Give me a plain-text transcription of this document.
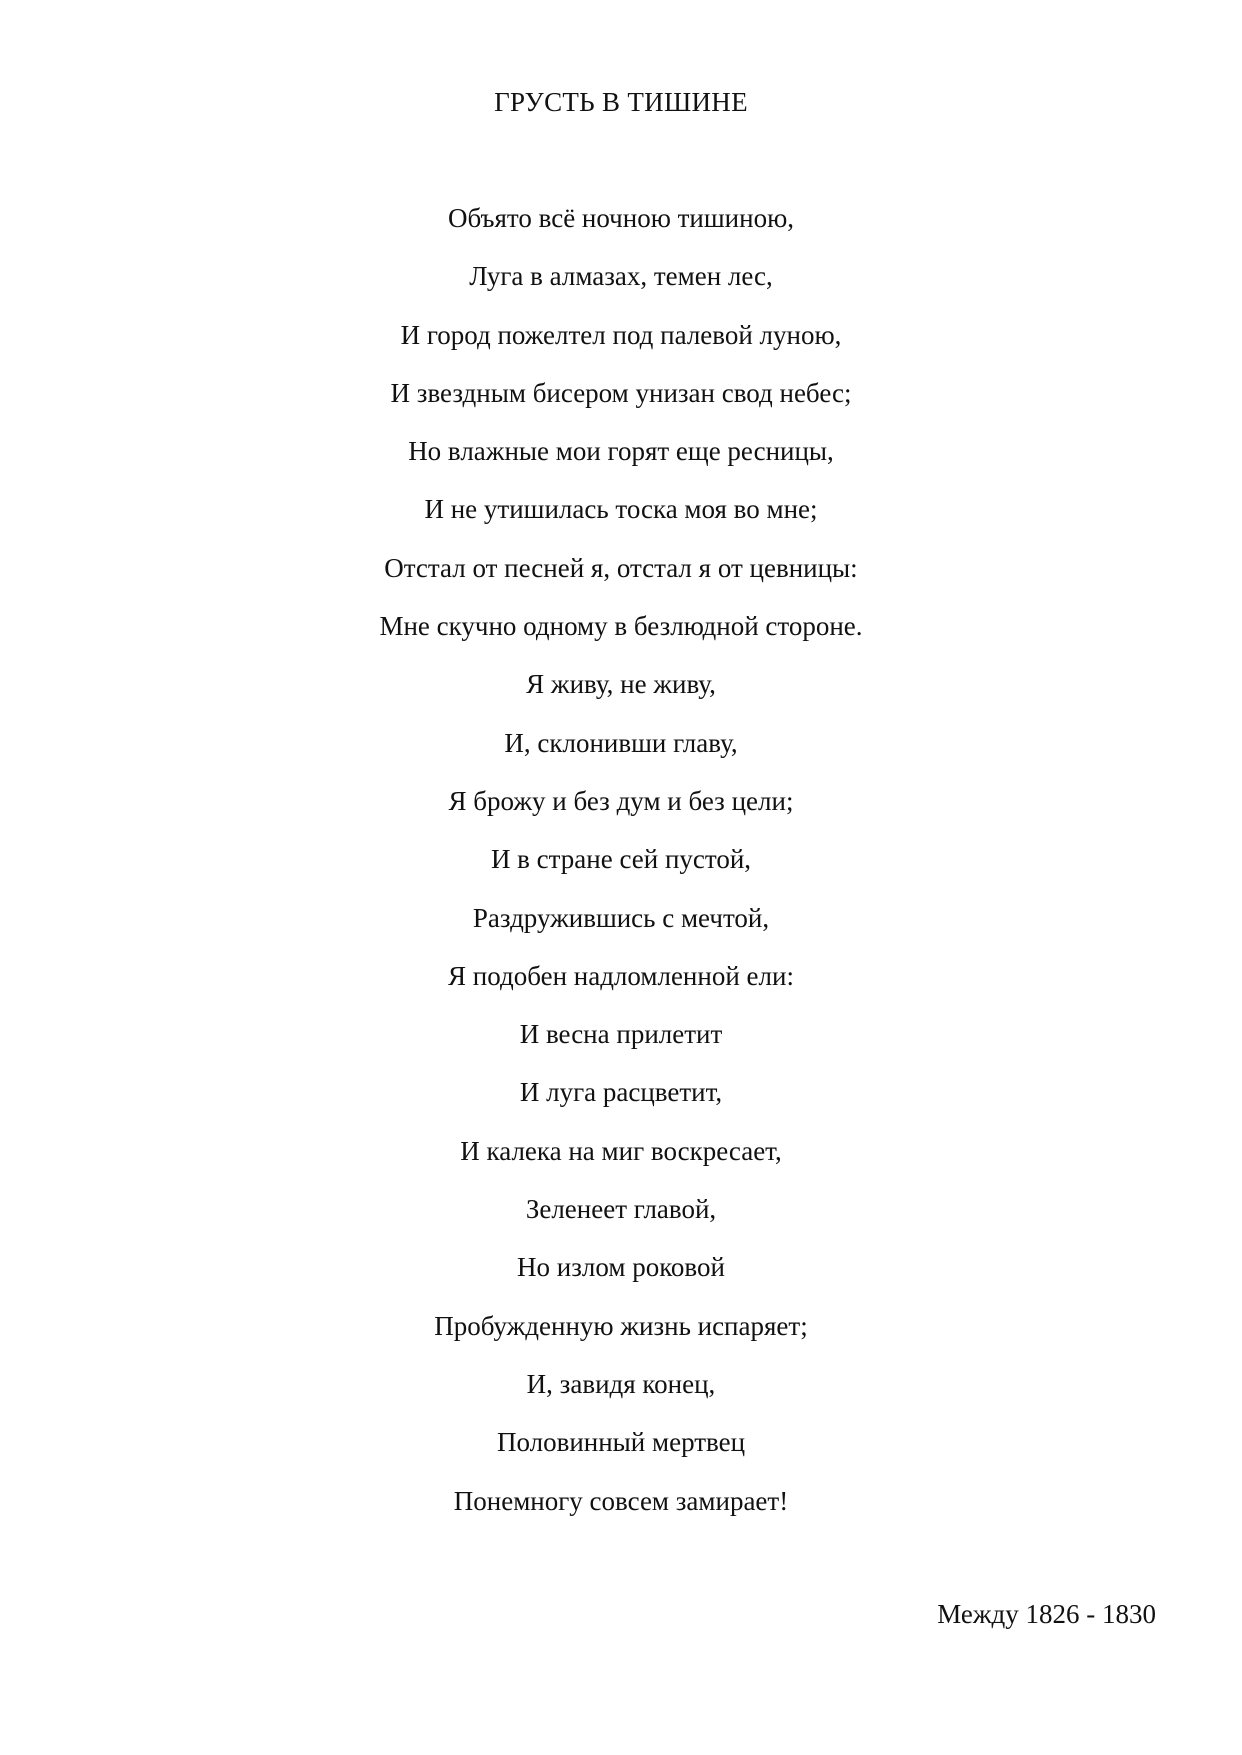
ГРУСТЬ В ТИШИНЕ
Объято всё ночною тишиною,
Луга в алмазах, темен лес,
И город пожелтел под палевой луною,
И звездным бисером унизан свод небес;
Но влажные мои горят еще ресницы,
И не утишилась тоска моя во мне;
Отстал от песней я, отстал я от цевницы:
Мне скучно одному в безлюдной стороне.
Я живу, не живу,
И, склонивши главу,
Я брожу и без дум и без цели;
И в стране сей пустой,
Раздружившись с мечтой,
Я подобен надломленной ели:
И весна прилетит
И луга расцветит,
И калека на миг воскресает,
Зеленеет главой,
Но излом роковой
Пробужденную жизнь испаряет;
И, завидя конец,
Половинный мертвец
Понемногу совсем замирает!
Между 1826 - 1830
